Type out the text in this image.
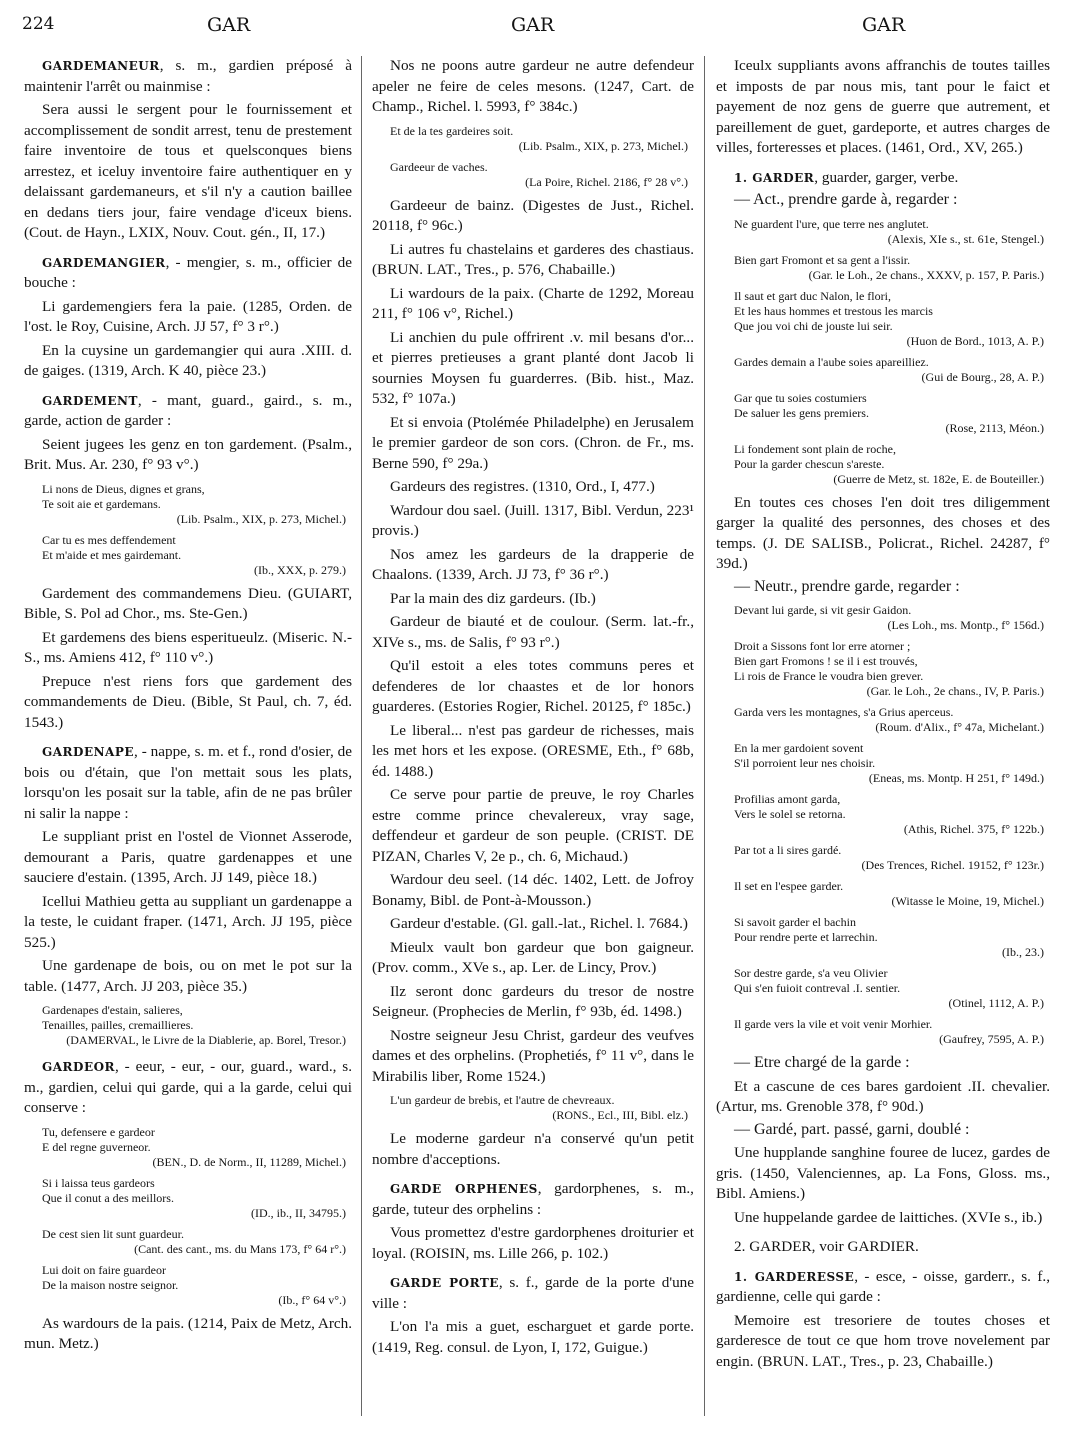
224	GAR	GAR	GAR

GARDEMANEUR, s. m., gardien préposé à maintenir l'arrêt ou mainmise :

Sera aussi le sergent pour le fournissement et accomplissement de sondit arrest, tenu de prestement faire inventoire de tous et quelsconques biens arrestez, et iceluy inventoire faire authentiquer en y delaissant gardemaneurs, et s'il n'y a caution baillee en dedans tiers jour, faire vendage d'iceux biens. (Cout. de Hayn., LXIX, Nouv. Cout. gén., II, 17.)

GARDEMANGIER, - mengier, s. m., officier de bouche :

Li gardemengiers fera la paie. (1285, Orden. de l'ost. le Roy, Cuisine, Arch. JJ 57, f° 3 r°.)

En la cuysine un gardemangier qui aura .XIII. d. de gaiges. (1319, Arch. K 40, pièce 23.)

GARDEMENT, - mant, guard., gaird., s. m., garde, action de garder :

Seient jugees les genz en ton gardement. (Psalm., Brit. Mus. Ar. 230, f° 93 v°.)

Li nons de Dieus, dignes et grans,
Te soit aie et gardemans.
(Lib. Psalm., XIX, p. 273, Michel.)
Car tu es mes deffendement
Et m'aide et mes gairdemant.
(Ib., XXX, p. 279.)

Gardement des commandemens Dieu. (GUIART, Bible, S. Pol ad Chor., ms. Ste-Gen.)

Et gardemens des biens esperitueulz. (Miseric. N.-S., ms. Amiens 412, f° 110 v°.)

Prepuce n'est riens fors que gardement des commandements de Dieu. (Bible, St Paul, ch. 7, éd. 1543.)

GARDENAPE, - nappe, s. m. et f., rond d'osier, de bois ou d'étain, que l'on mettait sous les plats, lorsqu'on les posait sur la table, afin de ne pas brûler ni salir la nappe :

Le suppliant prist en l'ostel de Vionnet Asserode, demourant a Paris, quatre gardenappes et une sauciere d'estain. (1395, Arch. JJ 149, pièce 18.)

Icellui Mathieu getta au suppliant un gardenappe a la teste, le cuidant fraper. (1471, Arch. JJ 195, pièce 525.)

Une gardenape de bois, ou on met le pot sur la table. (1477, Arch. JJ 203, pièce 35.)

Gardenapes d'estain, salieres,
Tenailles, pailles, cremaillieres.
(DAMERVAL, le Livre de la Diablerie, ap. Borel, Tresor.)

GARDEOR, - eeur, - eur, - our, guard., ward., s. m., gardien, celui qui garde, qui a la garde, celui qui conserve :

Tu, defensere e gardeor
E del regne guverneor.
(BEN., D. de Norm., II, 11289, Michel.)
Si i laissa teus gardeors
Que il conut a des meillors.
(ID., ib., II, 34795.)
De cest sien lit sunt guardeur.
(Cant. des cant., ms. du Mans 173, f° 64 r°.)
Lui doit on faire guardeor
De la maison nostre seignor.
(Ib., f° 64 v°.)

As wardours de la pais. (1214, Paix de Metz, Arch. mun. Metz.)

Nos ne poons autre gardeur ne autre defendeur apeler ne feire de celes mesons. (1247, Cart. de Champ., Richel. l. 5993, f° 384c.)

Et de la tes gardeires soit.
(Lib. Psalm., XIX, p. 273, Michel.)
Gardeeur de vaches.
(La Poire, Richel. 2186, f° 28 v°.)

Gardeeur de bainz. (Digestes de Just., Richel. 20118, f° 96c.)

Li autres fu chastelains et garderes des chastiaus. (BRUN. LAT., Tres., p. 576, Chabaille.)

Li wardours de la paix. (Charte de 1292, Moreau 211, f° 106 v°, Richel.)

Li anchien du pule offrirent .v. mil besans d'or... et pierres pretieuses a grant planté dont Jacob li sournies Moysen fu guarderres. (Bib. hist., Maz. 532, f° 107a.)

Et si envoia (Ptolémée Philadelphe) en Jerusalem le premier gardeor de son cors. (Chron. de Fr., ms. Berne 590, f° 29a.)

Gardeurs des registres. (1310, Ord., I, 477.)

Wardour dou sael. (Juill. 1317, Bibl. Verdun, 223¹ provis.)

Nos amez les gardeurs de la drapperie de Chaalons. (1339, Arch. JJ 73, f° 36 r°.)

Par la main des diz gardeurs. (Ib.)

Gardeur de biauté et de coulour. (Serm. lat.-fr., XIVe s., ms. de Salis, f° 93 r°.)

Qu'il estoit a eles totes communs peres et defenderes de lor chaastes et de lor honors guarderes. (Estories Rogier, Richel. 20125, f° 185c.)

Le liberal... n'est pas gardeur de richesses, mais les met hors et les expose. (ORESME, Eth., f° 68b, éd. 1488.)

Ce serve pour partie de preuve, le roy Charles estre comme prince chevalereux, vray sage, deffendeur et gardeur de son peuple. (CRIST. DE PIZAN, Charles V, 2e p., ch. 6, Michaud.)

Wardour deu seel. (14 déc. 1402, Lett. de Jofroy Bonamy, Bibl. de Pont-à-Mousson.)

Gardeur d'estable. (Gl. gall.-lat., Richel. l. 7684.)

Mieulx vault bon gardeur que bon gaigneur. (Prov. comm., XVe s., ap. Ler. de Lincy, Prov.)

Ilz seront donc gardeurs du tresor de nostre Seigneur. (Prophecies de Merlin, f° 93b, éd. 1498.)

Nostre seigneur Jesu Christ, gardeur des veufves dames et des orphelins. (Prophetiés, f° 11 v°, dans le Mirabilis liber, Rome 1524.)

L'un gardeur de brebis, et l'autre de chevreaux.
(RONS., Ecl., III, Bibl. elz.)

Le moderne gardeur n'a conservé qu'un petit nombre d'acceptions.

GARDE ORPHENES, gardorphenes, s. m., garde, tuteur des orphelins :

Vous promettez d'estre gardorphenes droiturier et loyal. (ROISIN, ms. Lille 266, p. 102.)

GARDE PORTE, s. f., garde de la porte d'une ville :

L'on l'a mis a guet, escharguet et garde porte. (1419, Reg. consul. de Lyon, I, 172, Guigue.)

Iceulx suppliants avons affranchis de toutes tailles et imposts de par nous mis, tant pour le faict et payement de noz gens de guerre que autrement, et pareillement de guet, gardeporte, et autres charges de villes, forteresses et places. (1461, Ord., XV, 265.)

1. GARDER, guarder, garger, verbe.

— Act., prendre garde à, regarder :

Ne guardent l'ure, que terre nes anglutet.
(Alexis, XIe s., st. 61e, Stengel.)
Bien gart Fromont et sa gent a l'issir.
(Gar. le Loh., 2e chans., XXXV, p. 157, P. Paris.)
Il saut et gart duc Nalon, le flori,
Et les haus hommes et trestous les marcis
Que jou voi chi de jouste lui seir.
(Huon de Bord., 1013, A. P.)
Gardes demain a l'aube soies apareilliez.
(Gui de Bourg., 28, A. P.)
Gar que tu soies costumiers
De saluer les gens premiers.
(Rose, 2113, Méon.)
Li fondement sont plain de roche,
Pour la garder chescun s'areste.
(Guerre de Metz, st. 182e, E. de Bouteiller.)

En toutes ces choses l'en doit tres diligemment garger la qualité des personnes, des choses et des temps. (J. DE SALISB., Policrat., Richel. 24287, f° 39d.)

— Neutr., prendre garde, regarder :

Devant lui garde, si vit gesir Gaidon.
(Les Loh., ms. Montp., f° 156d.)
Droit a Sissons font lor erre atorner ;
Bien gart Fromons ! se il i est trouvés,
Li rois de France le voudra bien grever.
(Gar. le Loh., 2e chans., IV, P. Paris.)
Garda vers les montagnes, s'a Grius aperceus.
(Roum. d'Alix., f° 47a, Michelant.)
En la mer gardoient sovent
S'il porroient leur nes choisir.
(Eneas, ms. Montp. H 251, f° 149d.)
Profilias amont garda,
Vers le solel se retorna.
(Athis, Richel. 375, f° 122b.)
Par tot a li sires gardé.
(Des Trences, Richel. 19152, f° 123r.)
Il set en l'espee garder.
(Witasse le Moine, 19, Michel.)
Si savoit garder el bachin
Pour rendre perte et larrechin.
(Ib., 23.)
Sor destre garde, s'a veu Olivier
Qui s'en fuioit contreval .I. sentier.
(Otinel, 1112, A. P.)
Il garde vers la vile et voit venir Morhier.
(Gaufrey, 7595, A. P.)

— Etre chargé de la garde :

Et a cascune de ces bares gardoient .II. chevalier. (Artur, ms. Grenoble 378, f° 90d.)

— Gardé, part. passé, garni, doublé :

Une hupplande sanghine fouree de lucez, gardes de gris. (1450, Valenciennes, ap. La Fons, Gloss. ms., Bibl. Amiens.)

Une huppelande gardee de laittiches. (XVIe s., ib.)

2. GARDER, voir GARDIER.

1. GARDERESSE, - esce, - oisse, garderr., s. f., gardienne, celle qui garde :

Memoire est tresoriere de toutes choses et garderesce de tout ce que hom trove novelement par engin. (BRUN. LAT., Tres., p. 23, Chabaille.)
